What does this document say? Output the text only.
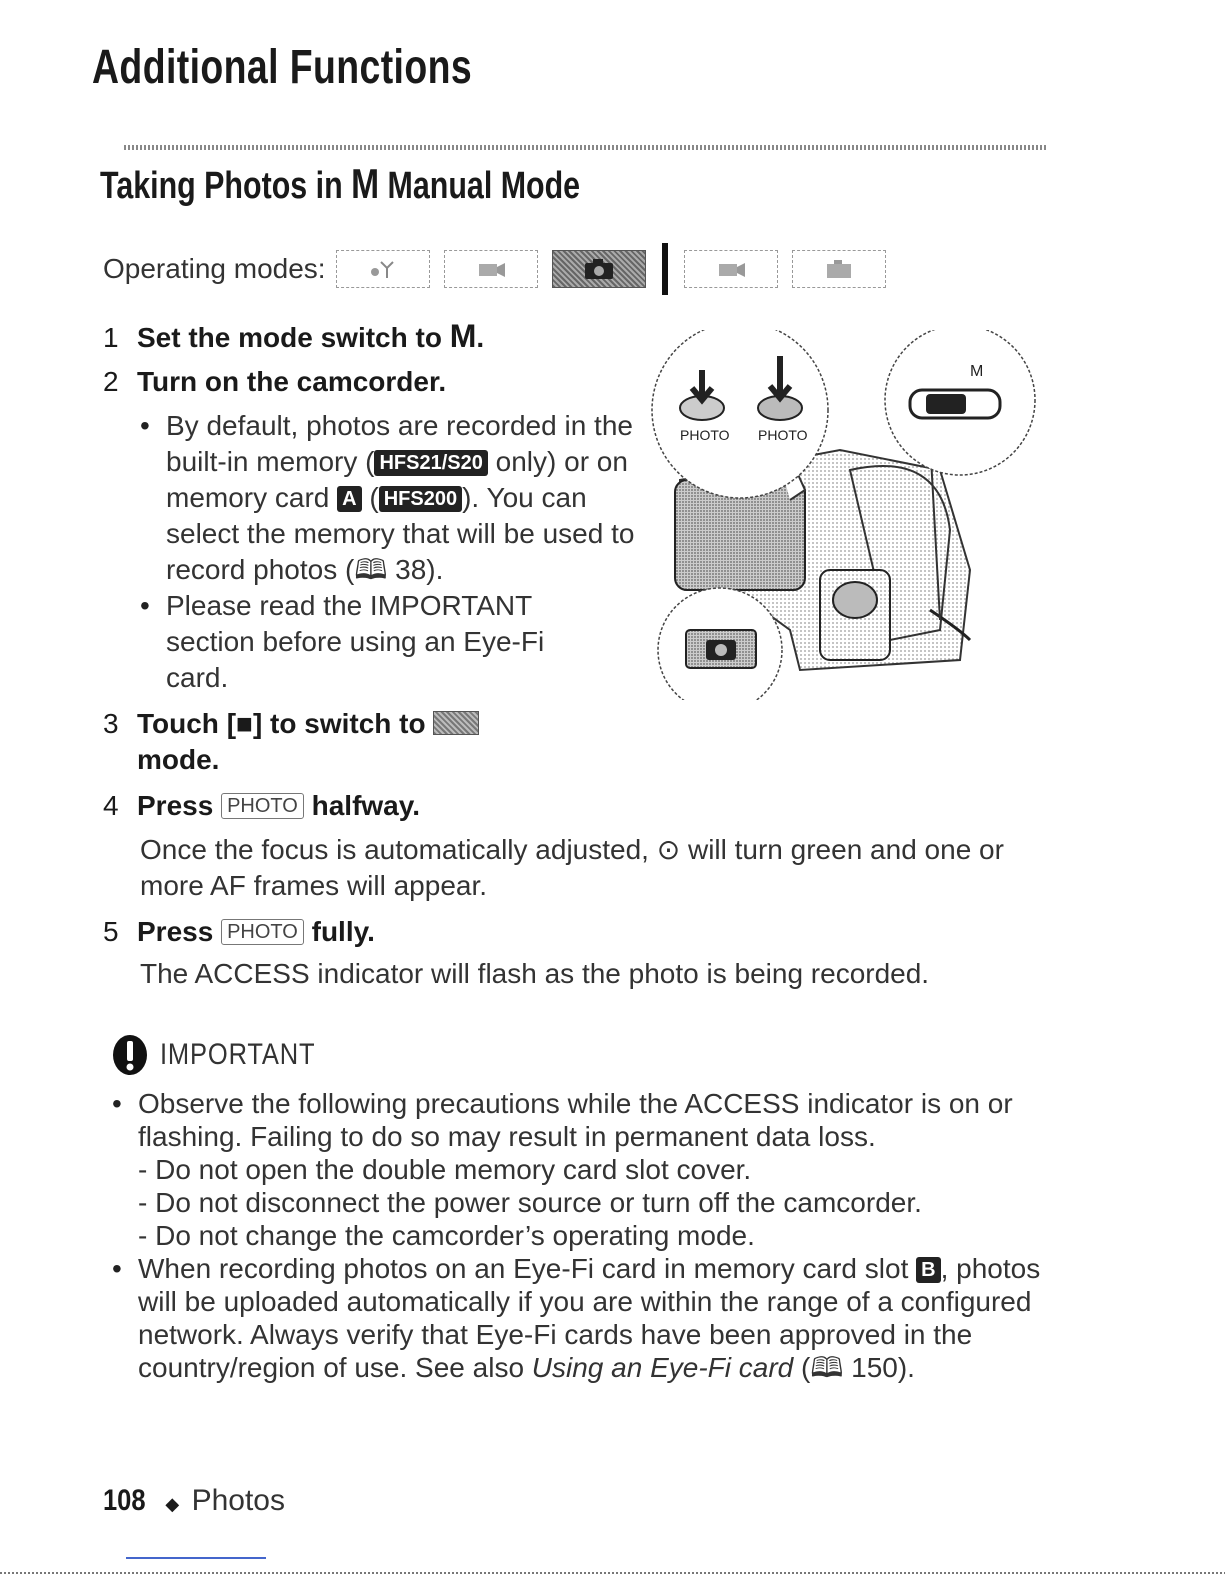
Additional Functions
Taking Photos in M Manual Mode
Operating modes:
1 Set the mode switch to M.
2 Turn on the camcorder.
• By default, photos are recorded in the built-in memory ( HFS21/S20 only) or on memory card A ( HFS200 ). You can select the memory that will be used to record photos (🕮 38).
• Please read the IMPORTANT section before using an Eye-Fi card.
PHOTO PHOTO
M
3 Touch [■] to switch to
mode.
4 Press PHOTO halfway.
Once the focus is automatically adjusted, ⊙ will turn green and one or more AF frames will appear.
5 Press PHOTO fully.
The ACCESS indicator will flash as the photo is being recorded.
IMPORTANT
• Observe the following precautions while the ACCESS indicator is on or flashing. Failing to do so may result in permanent data loss.
- Do not open the double memory card slot cover.
- Do not disconnect the power source or turn off the camcorder.
- Do not change the camcorder’s operating mode.
• When recording photos on an Eye-Fi card in memory card slot B , photos will be uploaded automatically if you are within the range of a configured network. Always verify that Eye-Fi cards have been approved in the country/region of use. See also Using an Eye-Fi card (🕮 150).
108 ◆ Photos
